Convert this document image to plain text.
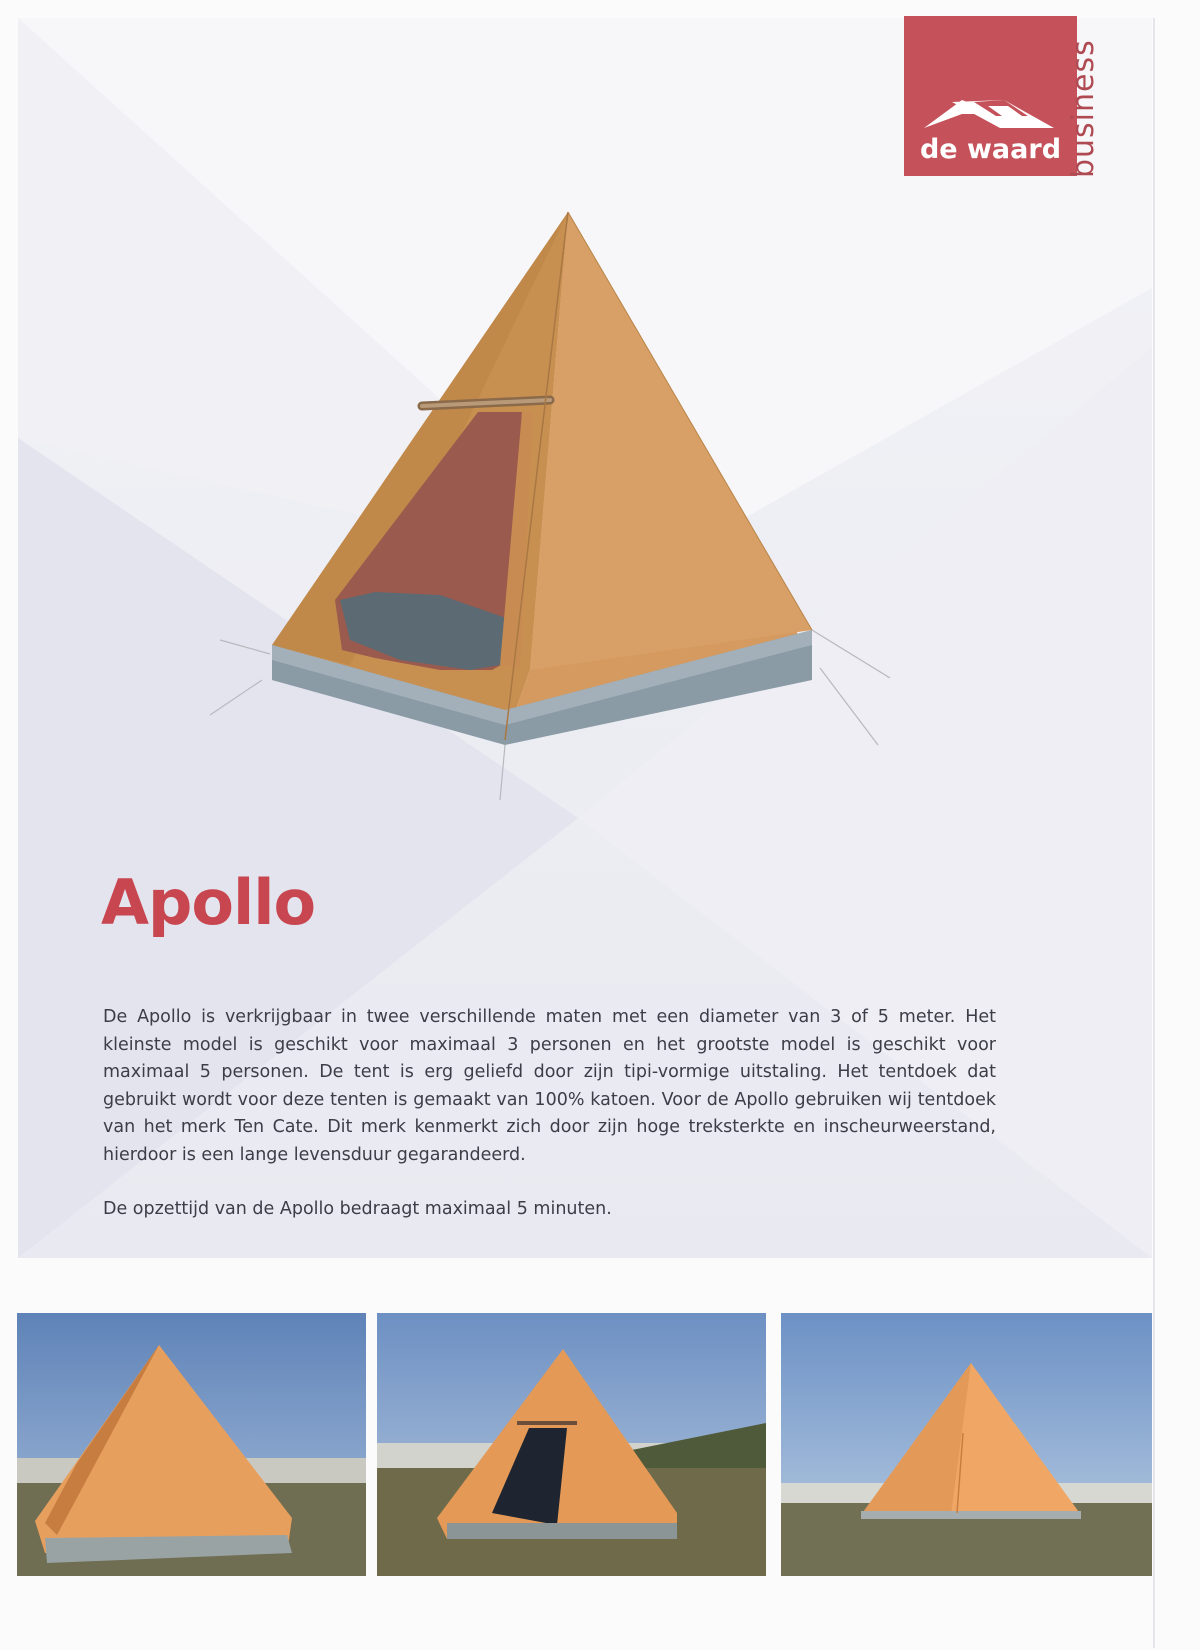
de waard business
Apollo

De Apollo is verkrijgbaar in twee verschillende maten met een diameter van 3 of 5 meter. Het kleinste model is geschikt voor maximaal 3 personen en het grootste model is geschikt voor maximaal 5 personen. De tent is erg geliefd door zijn tipi-vormige uitstaling. Het tentdoek dat gebruikt wordt voor deze tenten is gemaakt van 100% katoen. Voor de Apollo gebruiken wij tentdoek van het merk Ten Cate. Dit merk kenmerkt zich door zijn hoge treksterkte en inscheurweerstand, hierdoor is een lange levensduur gegarandeerd.

De opzettijd van de Apollo bedraagt maximaal 5 minuten.
